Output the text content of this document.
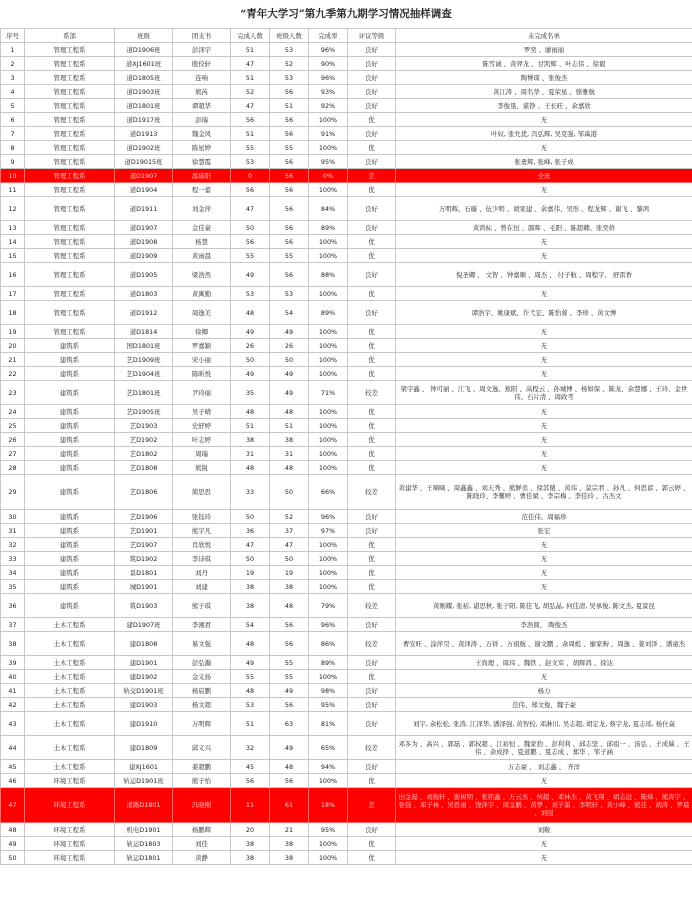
“青年大学习”第九季第九期学习情况抽样调查
序号	系部	班级	团支书	完成人数	班级人数	完成率	评议等级	未完成名单
1	管理工程系	道D1906班	彭泽宇	51	53	96%	良好	罗奕 、廖雨丽
2	管理工程系	道XJ1601班	殷佼轩	47	52	90%	良好	陈雪诚 、黄羿龙 、甘凯辉 、叶志伟 、徐毅
3	管理工程系	道D1805班	连响	51	53	96%	良好	陶博琛 、张俊杰
4	管理工程系	道D1903班	熊芮	52	56	93%	良好	黄江涛 、周名华 、夏荣星 、骆雅航
5	管理工程系	道D1801班	谭超华	47	51	92%	良好	李俊垦、谌铮 、王长旺 、余嘉欣
6	管理工程系	道D1917班	彭瑞	56	56	100%	优	无
7	管理工程系	道D1913	魏金风	51	56	91%	良好	叶奴, 张允优, 冯弘辉, 吴克强, 邹禹港
8	管理工程系	道D1902班	陈星婷	55	55	100%	优	无
9	管理工程系	道D19015班	徐慧霞	53	56	95%	良好	张勇辉, 张峰, 张子成
10	管理工程系	道D1907	温瑞阳	0	56	0%	差	全班
11	管理工程系	道D1904	程一蕾	56	56	100%	优	无
12	管理工程系	道D1911	刘金萍	47	56	84%	良好	万明辉、石璇 、伍少明 、胡家建 、余嘉伟、吴彤 、程龙辉 、谢飞 、黎鸿
13	管理工程系	道D1907	金佳豪	50	56	89%	良好	黄鸿标 、曾在恒 、颜晖 、毛阳 、陈超卿、张奕侨
14	管理工程系	道D1908	杨慧	56	56	100%	优	无
15	管理工程系	道D1909	黄雨晨	55	55	100%	优	无
16	管理工程系	道D1905	梁浩然	49	56	88%	良好	倪圣卿 、 文智 、钟嘉顺 、周杰 、 付子航 、周程宇、 舒雷香
17	管理工程系	道D1803	黄寓勤	53	53	100%	优	无
18	管理工程系	道D1912	周逸美	48	54	89%	良好	谭浩宇、姚康斌、许弋宏、陈怡蓉 、李珍 、黄文博
19	管理工程系	道D1814	徐卿	49	49	100%	优	无
20	建筑系	国D1801班	罗嘉颖	26	26	100%	优	无
21	建筑系	艺D1909班	宋小丽	50	50	100%	优	无
22	建筑系	艺D1904班	陈昕悦	49	49	100%	优	无
23	建筑系	艺D1801班	尹玲丽	35	49	71%	较差	梁宇鑫 、 钟可丽 、江飞 、周文逸、蕉阳 、高程云 、孙城博 、杨如保 、陈龙、余慧娜 、王玲、金世伟、石片清 、周政考
24	建筑系	艺D1905班	吴子晴	48	48	100%	优	无
25	建筑系	艺D1903	史舒婷	51	51	100%	优	无
26	建筑系	艺D1902	叶志婷	38	38	100%	优	无
27	建筑系	艺D1802	周瑞	31	31	100%	优	无
28	建筑系	艺D1808	熊锐	48	48	100%	优	无
29	建筑系	艺D1806	简思思	33	50	66%	较差	黄建华 、王嘀嘀 、周鑫鑫 、刘天秀 、熊鲜丞 、徐其傻 、黄玮 、莫宗君 、孙凡 、何思谚 、郭云婷 、陈晓玲、李馨婷 、曹佳斌 、李宗梅 、李佳玲 、古杰文
30	建筑系	艺D1906	张钰玲	50	52	96%	良好	范佳伟、周福珍
31	建筑系	艺D1901	熊宇凡	36	37	97%	良好	张宏
32	建筑系	艺D1907	肖欣悦	47	47	100%	优	无
33	建筑系	筑D1902	李诗琪	50	50	100%	优	无
34	建筑系	景D1801	刘丹	19	19	100%	优	无
35	建筑系	城D1901	刘建	38	38	100%	优	无
36	建筑系	筑D1903	熊子琪	38	48	79%	较差	黄刚耀, 张裕, 谌思秋, 张子阳, 陈佳飞, 胡弘晶, 何佳清, 吴承俊, 陈文杰, 夏景昆
37	土木工程系	建D1907班	李湘君	54	56	96%	良好	李浩圆、 陶俊杰
38	土木工程系	建D1808	易文强	48	56	86%	较差	曹安旺 、涂萍昊 、黄泽涛 、万祥 、万祖航 、谢文鹏 、余周彪 、廖家驹 、周逸 、姜刘泽 、潘童杰
39	土木工程系	建D1901	彭弘瀚	49	55	89%	良好	王尚理 、周玮 、魏铁 、赵文军 、胡辉鸿 、徐达
40	土木工程系	建D1902	金义扬	55	55	100%	优	无
41	土木工程系	轨交D1901班	杨宸鹏	48	49	98%	良好	杨力
42	土木工程系	建D1903	杨文超	53	56	95%	良好	范伟、郑文俊、魏子豪
43	土木工程系	建D1910	万明辉	51	63	81%	良好	刘宇, 余松松, 张涛, 江泽华, 潘泽强, 黄智校, 邓淋川, 吴志超, 胡定龙, 蔡宇龙, 夏志瑶, 杨仕焱
44	土木工程系	建D1809	邱义兴	32	49	65%	较差	邓多为 、高兴 、郭磊 、郭权超 、江裕恒 、魏家豹 、彭利利 、邱志坚 、邱祖一 、汤弘 、王成瑞 、王伟 、余成择 、夏道鹏 、夏志成 、郑华 、邹子涵
45	土木工程系	建XJ1601	姜超鹏	45	48	94%	良好	万志豪 、 刘志鑫 、 齐洋
46	环境工程系	轨运D1901班	熊子怡	56	56	100%	优	无
47	环境工程系	道路D1801	冯晓刚	11	61	18%	差	田金磊 、刘振轩 、谢树明 、张铭鑫 、万云杰 、何超 、邓林杰 、黄飞翔 、胡志远 、陈炜 、熊涛宇 、张强 、邓子林 、吴思雨 、饶泽宇 、周金鹏 、黄梦 、刘子墨 、李明轩 、黄小峰 、熊佳 、胡涛 、罗晨 、刘强
48	环境工程系	机电D1901	杨鹏辉	20	21	95%	良好	刘鞍
49	环境工程系	轨运D1803	刘佳	38	38	100%	优	无
50	环境工程系	轨运D1801	黄静	38	38	100%	优	无
